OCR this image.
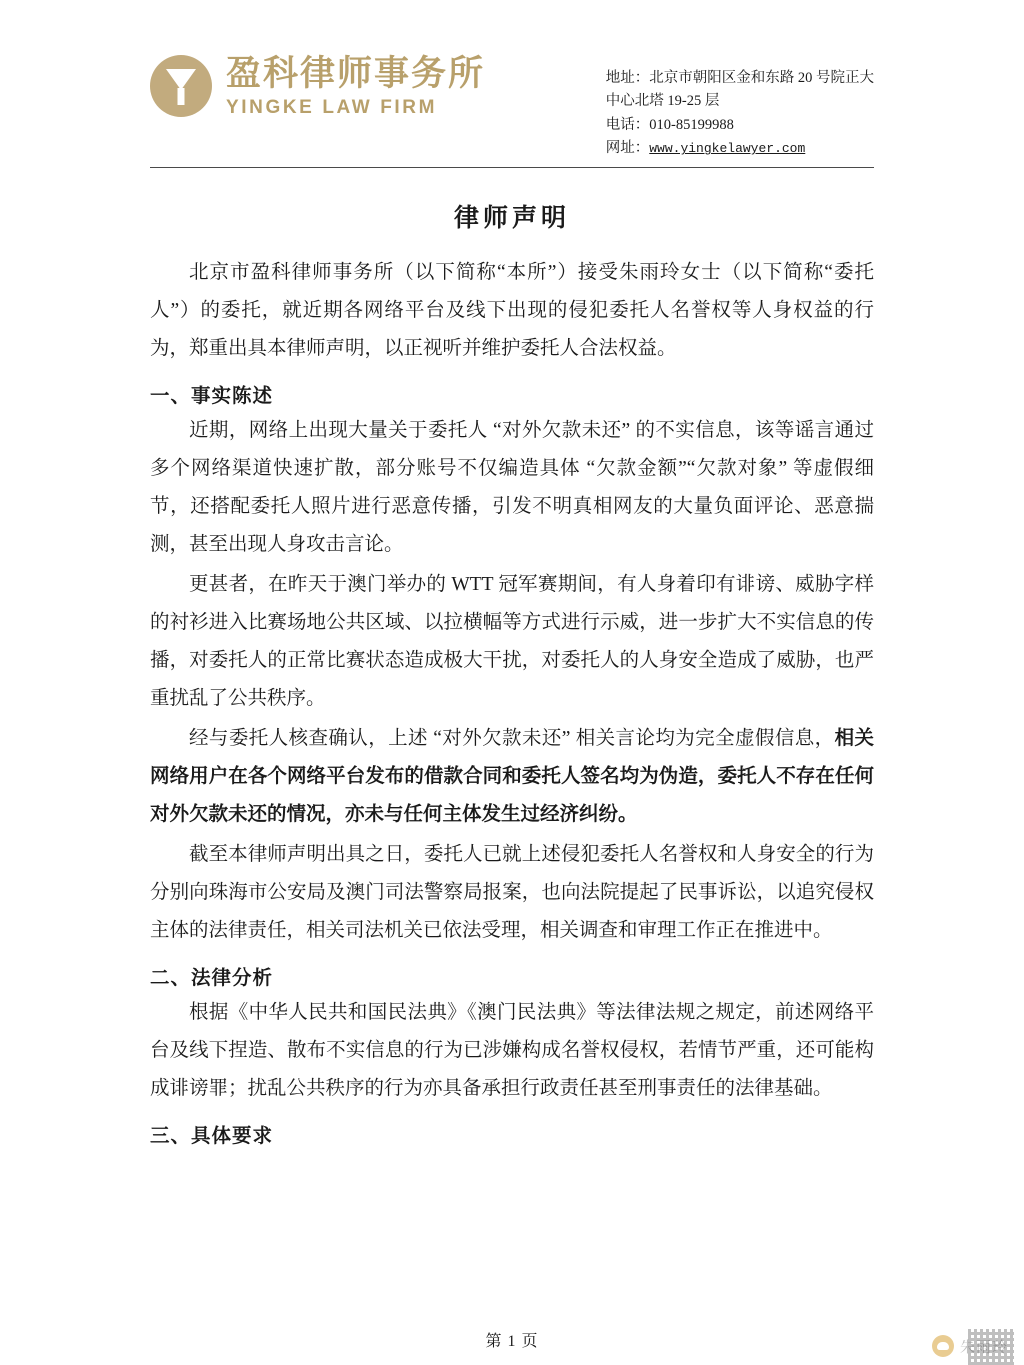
盈科律师事务所
YINGKE LAW FIRM
地址：北京市朝阳区金和东路 20 号院正大
中心北塔 19-25 层
电话：010-85199988
网址：www.yingkelawyer.com
律师声明

北京市盈科律师事务所（以下简称“本所”）接受朱雨玲女士（以下简称“委托人”）的委托，就近期各网络平台及线下出现的侵犯委托人名誉权等人身权益的行为，郑重出具本律师声明，以正视听并维护委托人合法权益。

一、事实陈述

近期，网络上出现大量关于委托人 “对外欠款未还” 的不实信息，该等谣言通过多个网络渠道快速扩散，部分账号不仅编造具体 “欠款金额”“欠款对象” 等虚假细节，还搭配委托人照片进行恶意传播，引发不明真相网友的大量负面评论、恶意揣测，甚至出现人身攻击言论。

更甚者，在昨天于澳门举办的 WTT 冠军赛期间，有人身着印有诽谤、威胁字样的衬衫进入比赛场地公共区域、以拉横幅等方式进行示威，进一步扩大不实信息的传播，对委托人的正常比赛状态造成极大干扰，对委托人的人身安全造成了威胁，也严重扰乱了公共秩序。

经与委托人核查确认，上述 “对外欠款未还” 相关言论均为完全虚假信息，相关网络用户在各个网络平台发布的借款合同和委托人签名均为伪造，委托人不存在任何对外欠款未还的情况，亦未与任何主体发生过经济纠纷。

截至本律师声明出具之日，委托人已就上述侵犯委托人名誉权和人身安全的行为分别向珠海市公安局及澳门司法警察局报案，也向法院提起了民事诉讼，以追究侵权主体的法律责任，相关司法机关已依法受理，相关调查和审理工作正在推进中。

二、法律分析

根据《中华人民共和国民法典》《澳门民法典》等法律法规之规定，前述网络平台及线下捏造、散布不实信息的行为已涉嫌构成名誉权侵权，若情节严重，还可能构成诽谤罪；扰乱公共秩序的行为亦具备承担行政责任甚至刑事责任的法律基础。

三、具体要求
第 1 页	朱雨玲
